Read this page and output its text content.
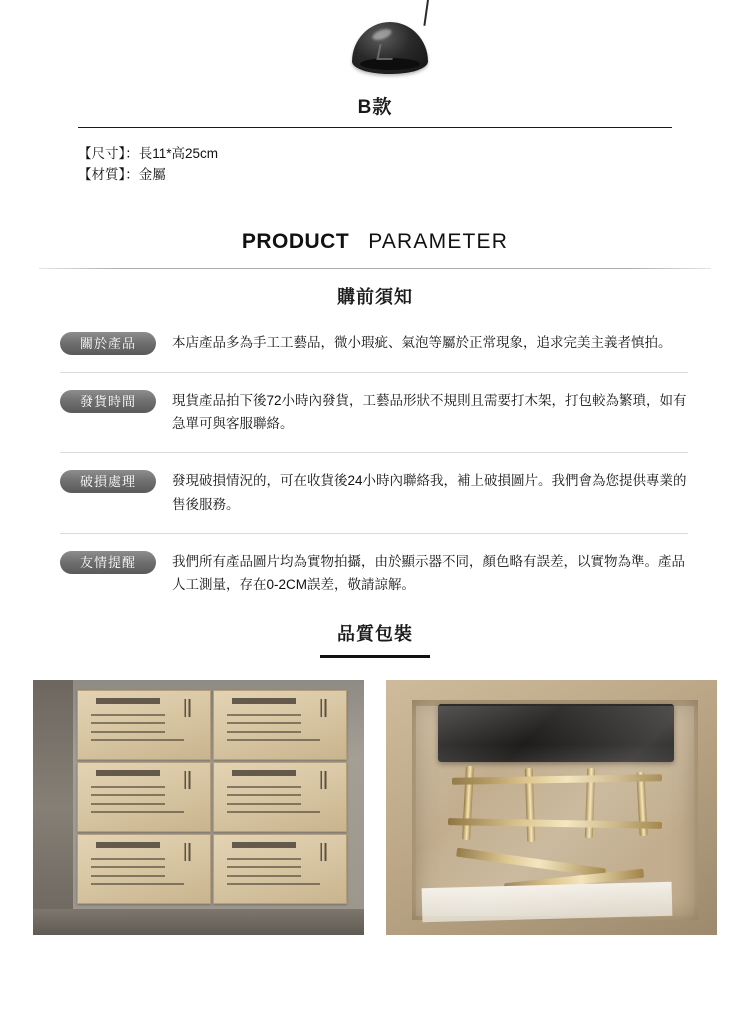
B款
【尺寸】：長11*高25cm
【材質】：金屬
PRODUCT PARAMETER
購前須知
關於產品	本店產品多為手工工藝品，微小瑕疵、氣泡等屬於正常現象，追求完美主義者慎拍。
發貨時間	現貨產品拍下後72小時內發貨，工藝品形狀不規則且需要打木架，打包較為繁瑣，如有急單可與客服聯絡。
破損處理	發現破損情況的，可在收貨後24小時內聯絡我，補上破損圖片。我們會為您提供專業的售後服務。
友情提醒	我們所有產品圖片均為實物拍攝，由於顯示器不同，顏色略有誤差，以實物為準。產品人工測量，存在0-2CM誤差，敬請諒解。
品質包裝
